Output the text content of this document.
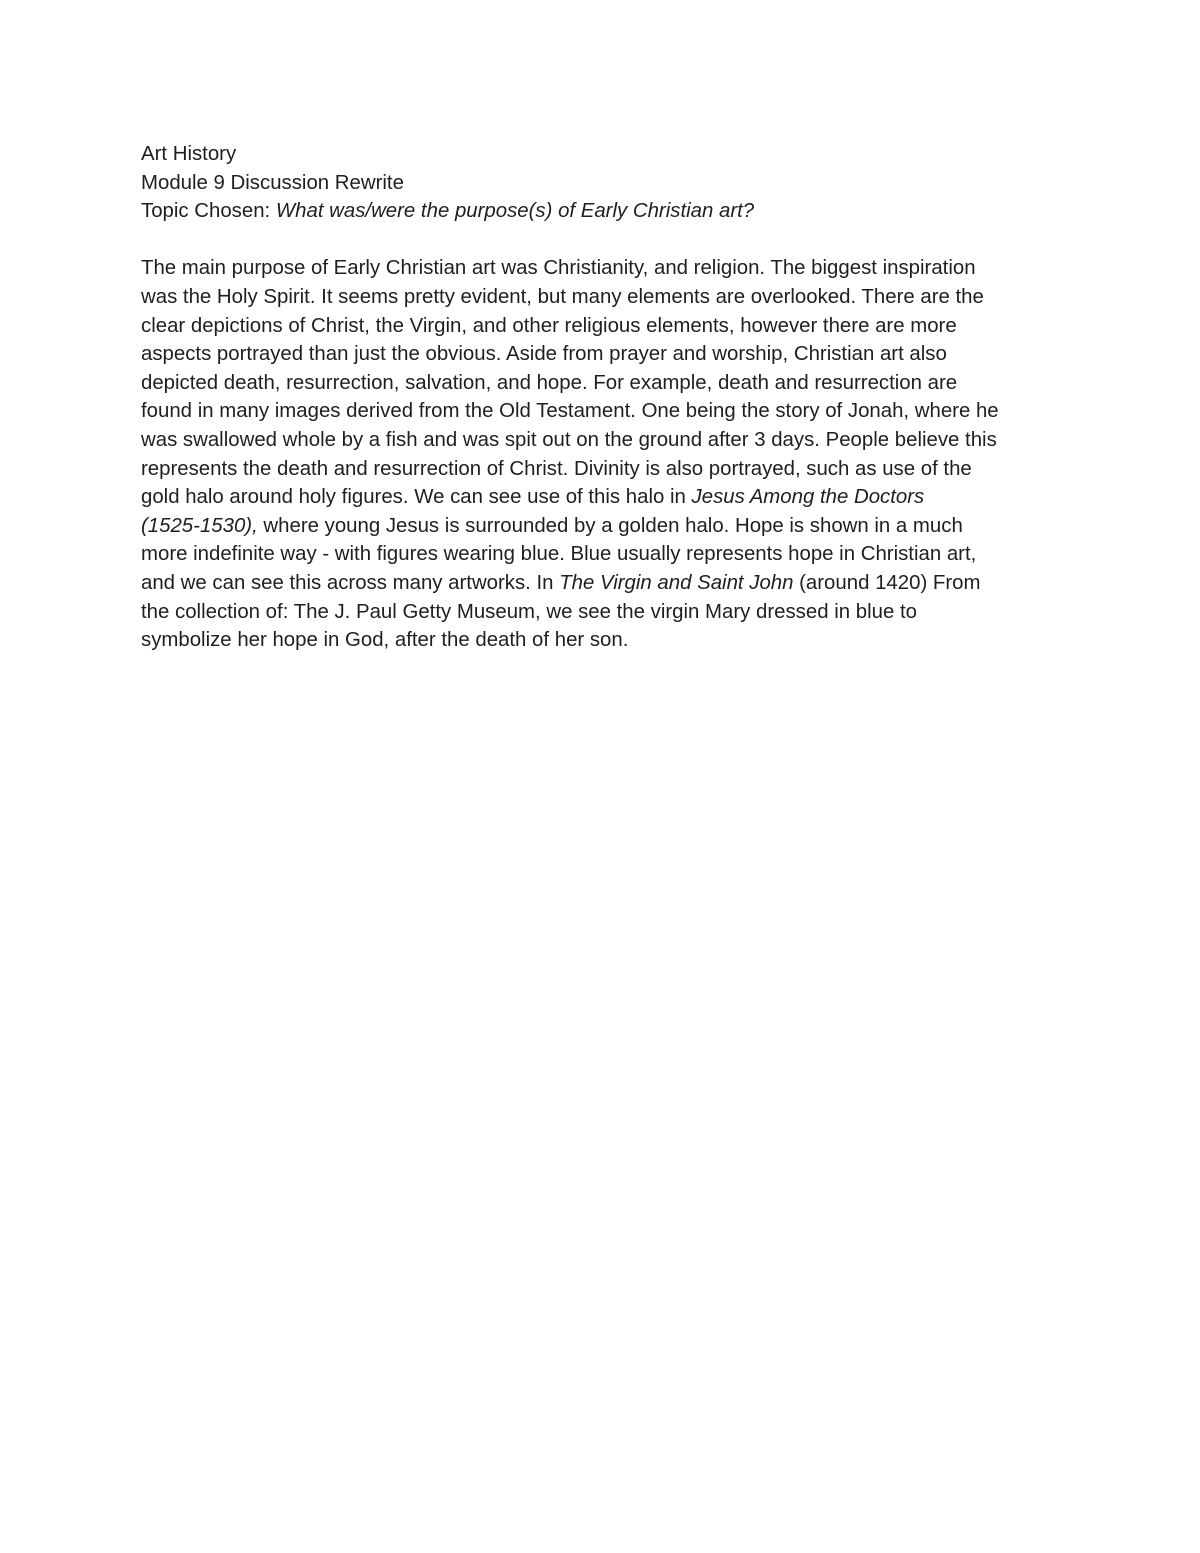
Art History

Module 9 Discussion Rewrite

Topic Chosen: What was/were the purpose(s) of Early Christian art?

The main purpose of Early Christian art was Christianity, and religion. The biggest inspiration
was the Holy Spirit. It seems pretty evident, but many elements are overlooked. There are the
clear depictions of Christ, the Virgin, and other religious elements, however there are more
aspects portrayed than just the obvious. Aside from prayer and worship, Christian art also
depicted death, resurrection, salvation, and hope. For example, death and resurrection are
found in many images derived from the Old Testament. One being the story of Jonah, where he
was swallowed whole by a fish and was spit out on the ground after 3 days. People believe this
represents the death and resurrection of Christ. Divinity is also portrayed, such as use of the
gold halo around holy figures. We can see use of this halo in Jesus Among the Doctors
(1525-1530), where young Jesus is surrounded by a golden halo. Hope is shown in a much
more indefinite way - with figures wearing blue. Blue usually represents hope in Christian art,
and we can see this across many artworks. In The Virgin and Saint John (around 1420) From
the collection of: The J. Paul Getty Museum, we see the virgin Mary dressed in blue to
symbolize her hope in God, after the death of her son.
